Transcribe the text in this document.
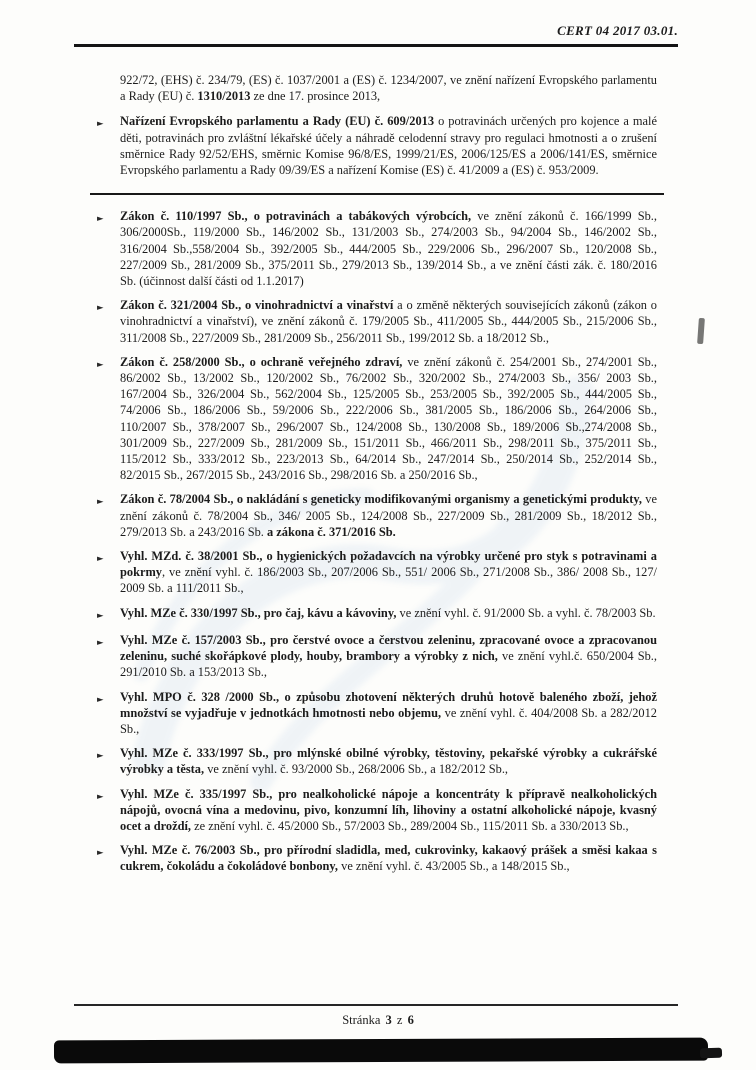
CERT 04 2017 03.01.

922/72, (EHS) č. 234/79, (ES) č. 1037/2001 a (ES) č. 1234/2007, ve znění nařízení Evropského parlamentu a Rady (EU) č. 1310/2013 ze dne 17. prosince 2013,

►	Nařízení Evropského parlamentu a Rady (EU) č. 609/2013 o potravinách určených pro kojence a malé děti, potravinách pro zvláštní lékařské účely a náhradě celodenní stravy pro regulaci hmotnosti a o zrušení směrnice Rady 92/52/EHS, směrnic Komise 96/8/ES, 1999/21/ES, 2006/125/ES a 2006/141/ES, směrnice Evropského parlamentu a Rady 09/39/ES a nařízení Komise (ES) č. 41/2009 a (ES) č. 953/2009.
►	Zákon č. 110/1997 Sb., o potravinách a tabákových výrobcích, ve znění zákonů č. 166/1999 Sb., 306/2000Sb., 119/2000 Sb., 146/2002 Sb., 131/2003 Sb., 274/2003 Sb., 94/2004 Sb., 146/2002 Sb., 316/2004 Sb.,558/2004 Sb., 392/2005 Sb., 444/2005 Sb., 229/2006 Sb., 296/2007 Sb., 120/2008 Sb., 227/2009 Sb., 281/2009 Sb., 375/2011 Sb., 279/2013 Sb., 139/2014 Sb., a ve znění části zák. č. 180/2016 Sb. (účinnost další části od 1.1.2017)
►	Zákon č. 321/2004 Sb., o vinohradnictví a vinařství a o změně některých souvisejících zákonů (zákon o vinohradnictví a vinařství), ve znění zákonů č. 179/2005 Sb., 411/2005 Sb., 444/2005 Sb., 215/2006 Sb., 311/2008 Sb., 227/2009 Sb., 281/2009 Sb., 256/2011 Sb., 199/2012 Sb. a 18/2012 Sb.,
►	Zákon č. 258/2000 Sb., o ochraně veřejného zdraví, ve znění zákonů č. 254/2001 Sb., 274/2001 Sb., 86/2002 Sb., 13/2002 Sb., 120/2002 Sb., 76/2002 Sb., 320/2002 Sb., 274/2003 Sb., 356/ 2003 Sb., 167/2004 Sb., 326/2004 Sb., 562/2004 Sb., 125/2005 Sb., 253/2005 Sb., 392/2005 Sb., 444/2005 Sb., 74/2006 Sb., 186/2006 Sb., 59/2006 Sb., 222/2006 Sb., 381/2005 Sb., 186/2006 Sb., 264/2006 Sb., 110/2007 Sb., 378/2007 Sb., 296/2007 Sb., 124/2008 Sb., 130/2008 Sb., 189/2006 Sb.,274/2008 Sb., 301/2009 Sb., 227/2009 Sb., 281/2009 Sb., 151/2011 Sb., 466/2011 Sb., 298/2011 Sb., 375/2011 Sb., 115/2012 Sb., 333/2012 Sb., 223/2013 Sb., 64/2014 Sb., 247/2014 Sb., 250/2014 Sb., 252/2014 Sb., 82/2015 Sb., 267/2015 Sb., 243/2016 Sb., 298/2016 Sb. a 250/2016 Sb.,
►	Zákon č. 78/2004 Sb., o nakládání s geneticky modifikovanými organismy a genetickými produkty, ve znění zákonů č. 78/2004 Sb., 346/ 2005 Sb., 124/2008 Sb., 227/2009 Sb., 281/2009 Sb., 18/2012 Sb., 279/2013 Sb. a 243/2016 Sb. a zákona č. 371/2016 Sb.
►	Vyhl. MZd. č. 38/2001 Sb., o hygienických požadavcích na výrobky určené pro styk s potravinami a pokrmy, ve znění vyhl. č. 186/2003 Sb., 207/2006 Sb., 551/ 2006 Sb., 271/2008 Sb., 386/ 2008 Sb., 127/ 2009 Sb. a 111/2011 Sb.,
►	Vyhl. MZe č. 330/1997 Sb., pro čaj, kávu a kávoviny, ve znění vyhl. č. 91/2000 Sb. a vyhl. č. 78/2003 Sb.
►	Vyhl. MZe č. 157/2003 Sb., pro čerstvé ovoce a čerstvou zeleninu, zpracované ovoce a zpracovanou zeleninu, suché skořápkové plody, houby, brambory a výrobky z nich, ve znění vyhl.č. 650/2004 Sb., 291/2010 Sb. a 153/2013 Sb.,
►	Vyhl. MPO č. 328 /2000 Sb., o způsobu zhotovení některých druhů hotově baleného zboží, jehož množství se vyjadřuje v jednotkách hmotnosti nebo objemu, ve znění vyhl. č. 404/2008 Sb. a 282/2012 Sb.,
►	Vyhl. MZe č. 333/1997 Sb., pro mlýnské obilné výrobky, těstoviny, pekařské výrobky a cukrářské výrobky a těsta, ve znění vyhl. č. 93/2000 Sb., 268/2006 Sb., a 182/2012 Sb.,
►	Vyhl. MZe č. 335/1997 Sb., pro nealkoholické nápoje a koncentráty k přípravě nealkoholických nápojů, ovocná vína a medovinu, pivo, konzumní líh, lihoviny a ostatní alkoholické nápoje, kvasný ocet a droždí, ze znění vyhl. č. 45/2000 Sb., 57/2003 Sb., 289/2004 Sb., 115/2011 Sb. a 330/2013 Sb.,
►	Vyhl. MZe č. 76/2003 Sb., pro přírodní sladidla, med, cukrovinky, kakaový prášek a směsi kakaa s cukrem, čokoládu a čokoládové bonbony, ve znění vyhl. č. 43/2005 Sb., a 148/2015 Sb.,
Stránka 3 z 6
